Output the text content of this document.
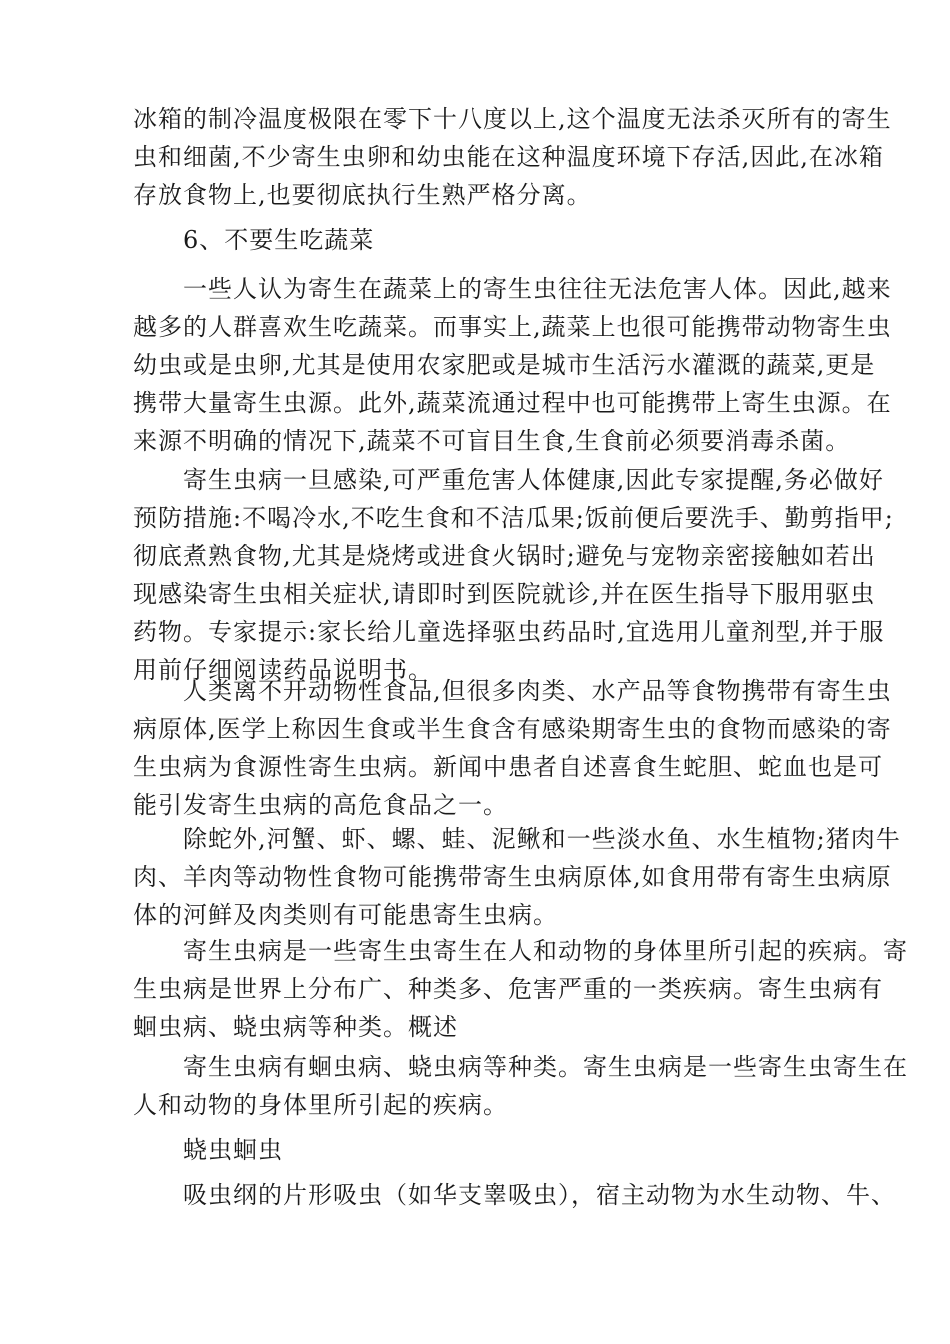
冰箱的制冷温度极限在零下十八度以上,这个温度无法杀灭所有的寄生
虫和细菌,不少寄生虫卵和幼虫能在这种温度环境下存活,因此,在冰箱
存放食物上,也要彻底执行生熟严格分离。
　　6、不要生吃蔬菜
　　一些人认为寄生在蔬菜上的寄生虫往往无法危害人体。因此,越来
越多的人群喜欢生吃蔬菜。而事实上,蔬菜上也很可能携带动物寄生虫
幼虫或是虫卵,尤其是使用农家肥或是城市生活污水灌溉的蔬菜,更是
携带大量寄生虫源。此外,蔬菜流通过程中也可能携带上寄生虫源。在
来源不明确的情况下,蔬菜不可盲目生食,生食前必须要消毒杀菌。
　　寄生虫病一旦感染,可严重危害人体健康,因此专家提醒,务必做好
预防措施:不喝冷水,不吃生食和不洁瓜果;饭前便后要洗手、勤剪指甲;
彻底煮熟食物,尤其是烧烤或进食火锅时;避免与宠物亲密接触如若出
现感染寄生虫相关症状,请即时到医院就诊,并在医生指导下服用驱虫
药物。专家提示:家长给儿童选择驱虫药品时,宜选用儿童剂型,并于服
用前仔细阅读药品说明书。
　　人类离不开动物性食品,但很多肉类、水产品等食物携带有寄生虫
病原体,医学上称因生食或半生食含有感染期寄生虫的食物而感染的寄
生虫病为食源性寄生虫病。新闻中患者自述喜食生蛇胆、蛇血也是可
能引发寄生虫病的高危食品之一。
　　除蛇外,河蟹、虾、螺、蛙、泥鳅和一些淡水鱼、水生植物;猪肉牛
肉、羊肉等动物性食物可能携带寄生虫病原体,如食用带有寄生虫病原
体的河鲜及肉类则有可能患寄生虫病。
　　寄生虫病是一些寄生虫寄生在人和动物的身体里所引起的疾病。寄
生虫病是世界上分布广、种类多、危害严重的一类疾病。寄生虫病有
蛔虫病、蛲虫病等种类。概述
　　寄生虫病有蛔虫病、蛲虫病等种类。寄生虫病是一些寄生虫寄生在
人和动物的身体里所引起的疾病。
　　蛲虫蛔虫
　　吸虫纲的片形吸虫（如华支睾吸虫），宿主动物为水生动物、牛、
